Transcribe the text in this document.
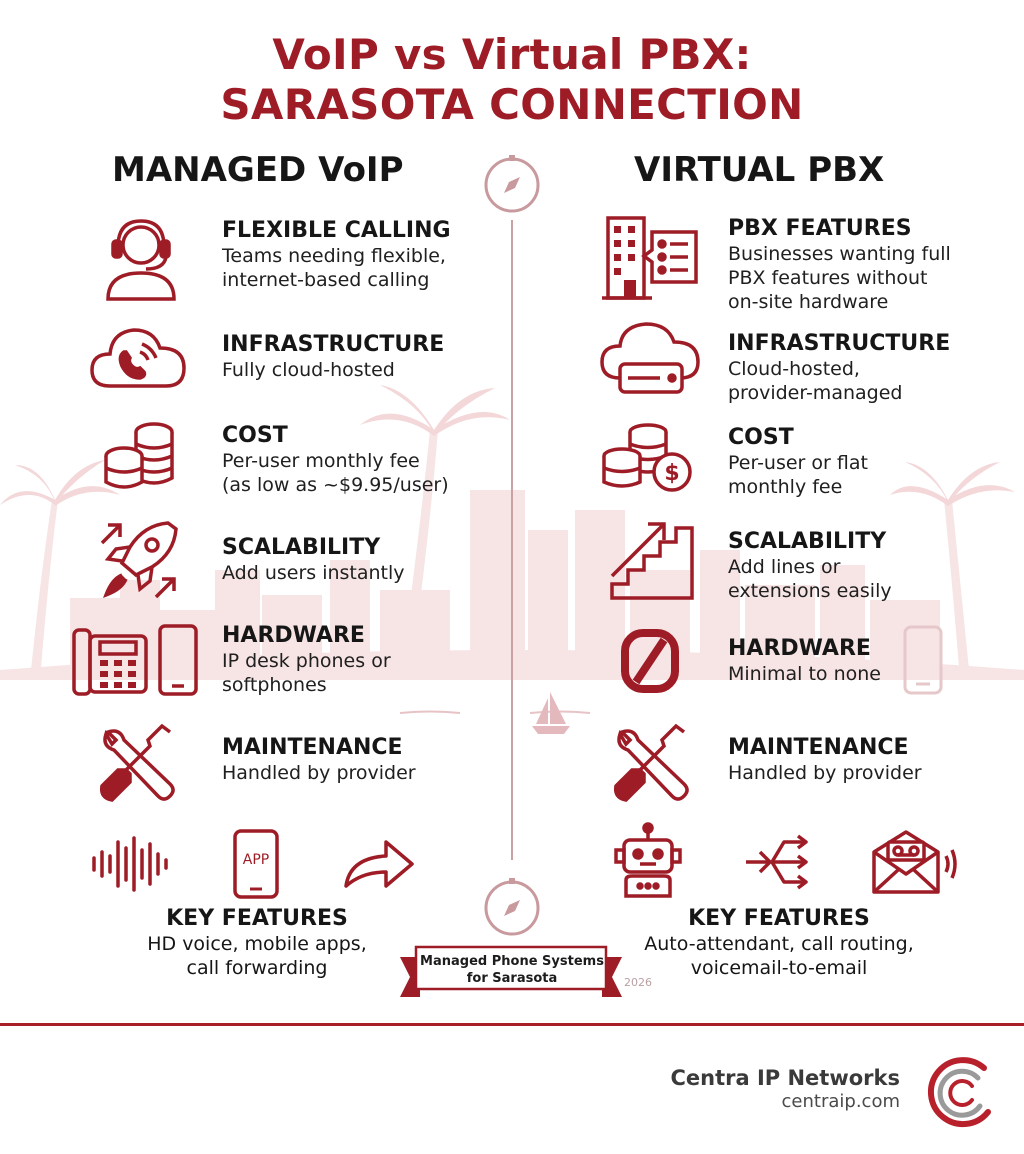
VoIP vs Virtual PBX:
SARASOTA CONNECTION
MANAGED VoIP	VIRTUAL PBX
FLEXIBLE CALLING
Teams needing flexible,
internet-based calling
INFRASTRUCTURE
Fully cloud-hosted
COST
Per-user monthly fee
(as low as ~$9.95/user)
SCALABILITY
Add users instantly
HARDWARE
IP desk phones or
softphones
MAINTENANCE
Handled by provider
APP
KEY FEATURES
HD voice, mobile apps,
call forwarding
$
PBX FEATURES
Businesses wanting full
PBX features without
on-site hardware
INFRASTRUCTURE
Cloud-hosted,
provider-managed
COST
Per-user or flat
monthly fee
SCALABILITY
Add lines or
extensions easily
HARDWARE
Minimal to none
MAINTENANCE
Handled by provider
KEY FEATURES
Auto-attendant, call routing,
voicemail-to-email
Managed Phone Systems
for Sarasota	2026
Centra IP Networks
centraip.com
